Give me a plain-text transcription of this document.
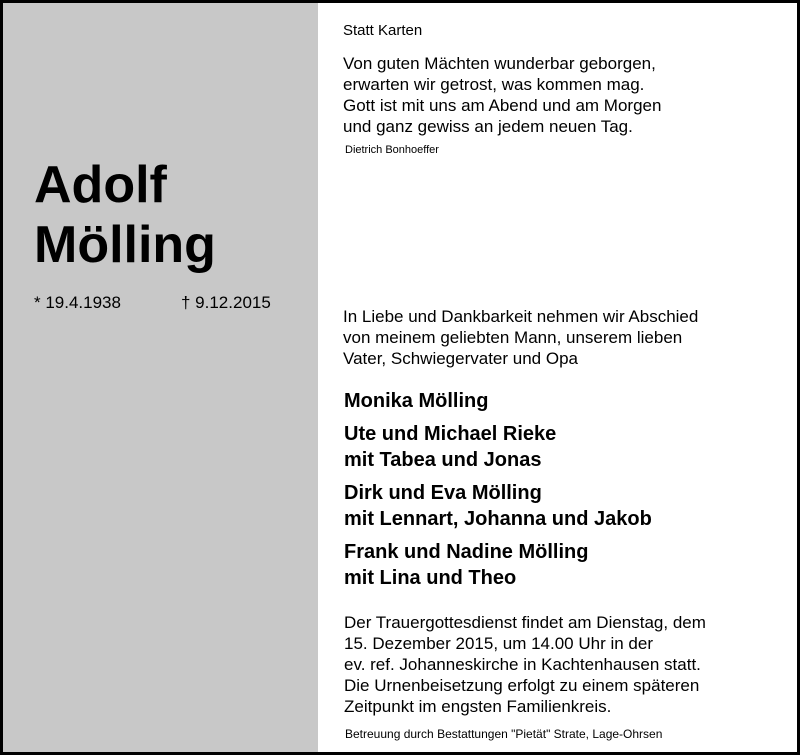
Adolf
Mölling
* 19.4.1938	† 9.12.2015
Statt Karten
Von guten Mächten wunderbar geborgen,
erwarten wir getrost, was kommen mag.
Gott ist mit uns am Abend und am Morgen
und ganz gewiss an jedem neuen Tag.
Dietrich Bonhoeffer
In Liebe und Dankbarkeit nehmen wir Abschied
von meinem geliebten Mann, unserem lieben
Vater, Schwiegervater und Opa
Monika Mölling
Ute und Michael Rieke
mit Tabea und Jonas
Dirk und Eva Mölling
mit Lennart, Johanna und Jakob
Frank und Nadine Mölling
mit Lina und Theo
Der Trauergottesdienst findet am Dienstag, dem
15. Dezember 2015, um 14.00 Uhr in der
ev. ref. Johanneskirche in Kachtenhausen statt.
Die Urnenbeisetzung erfolgt zu einem späteren
Zeitpunkt im engsten Familienkreis.
Betreuung durch Bestattungen "Pietät" Strate, Lage-Ohrsen
